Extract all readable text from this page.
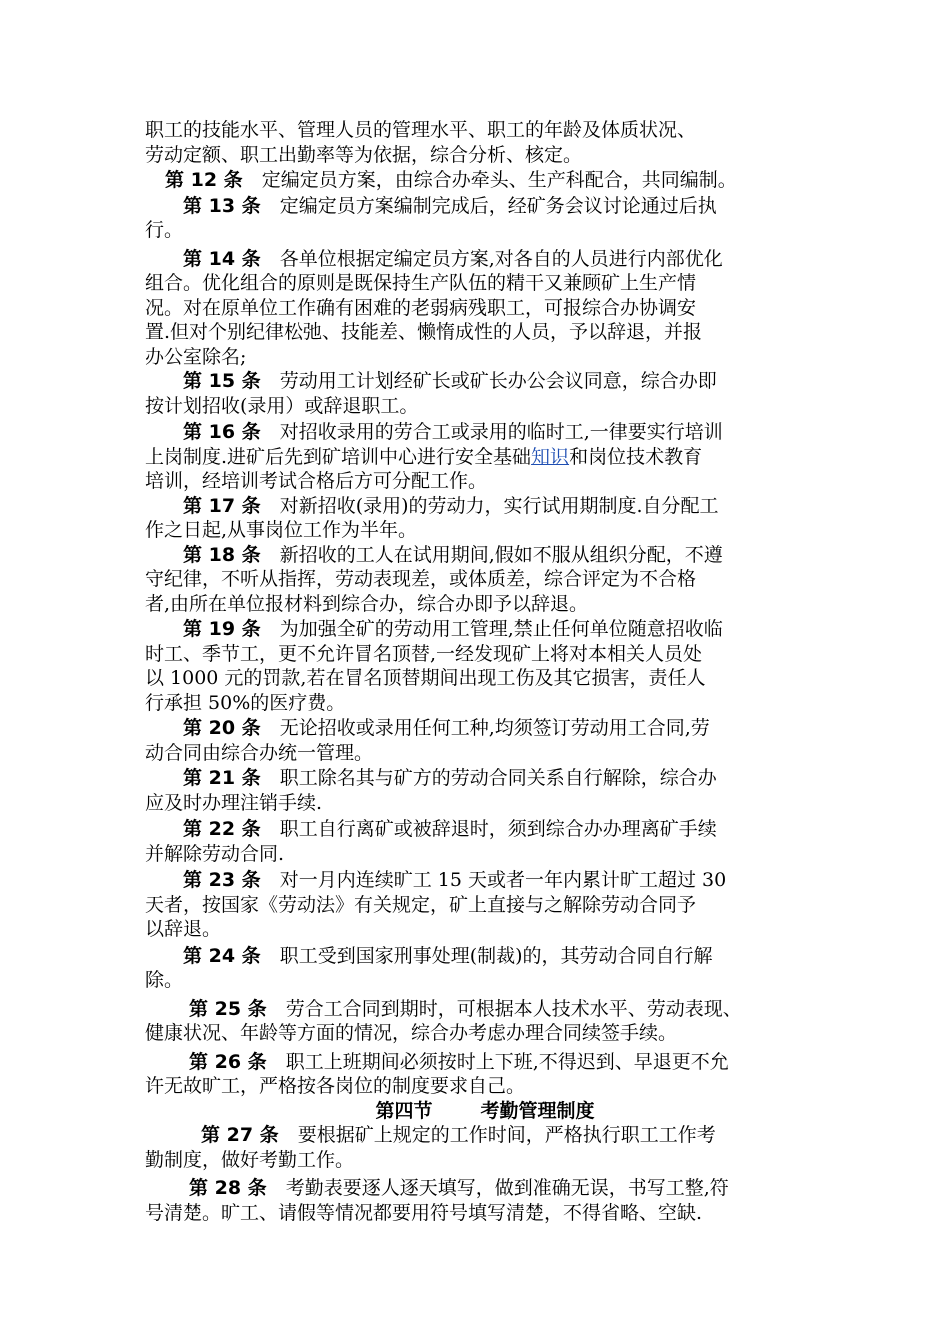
职工的技能水平、管理人员的管理水平、职工的年龄及体质状况、

劳动定额、职工出勤率等为依据，综合分析、核定。

第 12 条　 定编定员方案，由综合办牵头、生产科配合，共同编制。

第 13 条　 定编定员方案编制完成后，经矿务会议讨论通过后执

行。

第 14 条　 各单位根据定编定员方案,对各自的人员进行内部优化

组合。优化组合的原则是既保持生产队伍的精干又兼顾矿上生产情

况。对在原单位工作确有困难的老弱病残职工，可报综合办协调安

置.但对个别纪律松弛、技能差、懒惰成性的人员，予以辞退，并报

办公室除名;

第 15 条　 劳动用工计划经矿长或矿长办公会议同意，综合办即

按计划招收(录用）或辞退职工。

第 16 条　 对招收录用的劳合工或录用的临时工,一律要实行培训

上岗制度.进矿后先到矿培训中心进行安全基础知识和岗位技术教育

培训，经培训考试合格后方可分配工作。

第 17 条　 对新招收(录用)的劳动力，实行试用期制度.自分配工

作之日起,从事岗位工作为半年。

第 18 条　 新招收的工人在试用期间,假如不服从组织分配，不遵

守纪律，不听从指挥，劳动表现差，或体质差，综合评定为不合格

者,由所在单位报材料到综合办，综合办即予以辞退。

第 19 条　 为加强全矿的劳动用工管理,禁止任何单位随意招收临

时工、季节工，更不允许冒名顶替,一经发现矿上将对本相关人员处

以 1000 元的罚款,若在冒名顶替期间出现工伤及其它损害，责任人

行承担 50%的医疗费。

第 20 条　 无论招收或录用任何工种,均须签订劳动用工合同,劳

动合同由综合办统一管理。

第 21 条　 职工除名其与矿方的劳动合同关系自行解除，综合办

应及时办理注销手续.

第 22 条　 职工自行离矿或被辞退时，须到综合办办理离矿手续

并解除劳动合同.

第 23 条　 对一月内连续旷工 15 天或者一年内累计旷工超过 30

天者，按国家《劳动法》有关规定，矿上直接与之解除劳动合同予

以辞退。

第 24 条　 职工受到国家刑事处理(制裁)的，其劳动合同自行解

除。

第 25 条　 劳合工合同到期时，可根据本人技术水平、劳动表现、

健康状况、年龄等方面的情况，综合办考虑办理合同续签手续。

第 26 条　 职工上班期间必须按时上下班,不得迟到、早退更不允

许无故旷工，严格按各岗位的制度要求自己。

第四节	考勤管理制度

第 27 条　 要根据矿上规定的工作时间，严格执行职工工作考

勤制度，做好考勤工作。

第 28 条　 考勤表要逐人逐天填写，做到准确无误，书写工整,符

号清楚。旷工、请假等情况都要用符号填写清楚，不得省略、空缺.
